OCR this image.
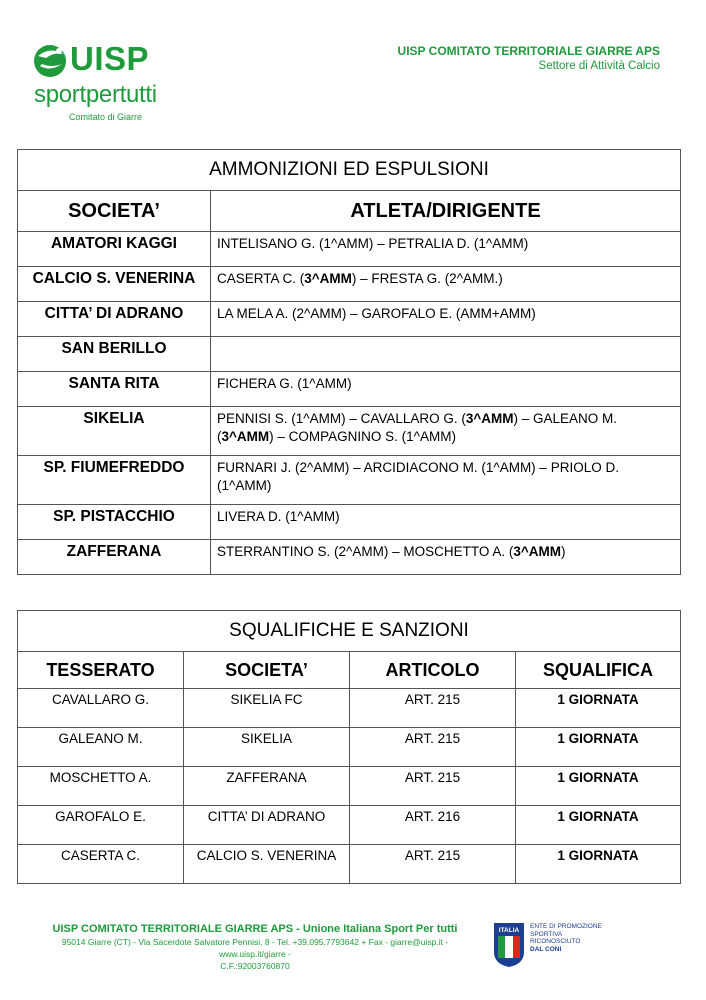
UISP
sportpertutti
Comitato di Giarre
UISP COMITATO TERRITORIALE GIARRE APS
Settore di Attività Calcio
AMMONIZIONI ED ESPULSIONI	
SOCIETA’	ATLETA/DIRIGENTE
AMATORI KAGGI	INTELISANO G. (1^AMM) – PETRALIA D. (1^AMM)
CALCIO S. VENERINA	CASERTA C. (3^AMM) – FRESTA G. (2^AMM.)
CITTA’ DI ADRANO	LA MELA A. (2^AMM) – GAROFALO E. (AMM+AMM)
SAN BERILLO	
SANTA RITA	FICHERA G. (1^AMM)
SIKELIA	PENNISI S. (1^AMM) – CAVALLARO G. (3^AMM) – GALEANO M. (3^AMM) – COMPAGNINO S. (1^AMM)
SP. FIUMEFREDDO	FURNARI J. (2^AMM) – ARCIDIACONO M. (1^AMM) – PRIOLO D. (1^AMM)
SP. PISTACCHIO	LIVERA D. (1^AMM)
ZAFFERANA	STERRANTINO S. (2^AMM) – MOSCHETTO A. (3^AMM)
SQUALIFICHE E SANZIONI			
TESSERATO	SOCIETA’	ARTICOLO	SQUALIFICA
CAVALLARO G.	SIKELIA FC	ART. 215	1 GIORNATA
GALEANO M.	SIKELIA	ART. 215	1 GIORNATA
MOSCHETTO A.	ZAFFERANA	ART. 215	1 GIORNATA
GAROFALO E.	CITTA’ DI ADRANO	ART. 216	1 GIORNATA
CASERTA C.	CALCIO S. VENERINA	ART. 215	1 GIORNATA
UISP COMITATO TERRITORIALE GIARRE APS - Unione Italiana Sport Per tutti
95014 Giarre (CT) - Via Sacerdote Salvatore Pennisi, 8 - Tel. +39.095.7793642 + Fax - giarre@uisp.it - www.uisp.it/giarre -
C.F.:92003760870
ITALIA
ENTE DI PROMOZIONE
SPORTIVA
RICONOSCIUTO
DAL CONI
